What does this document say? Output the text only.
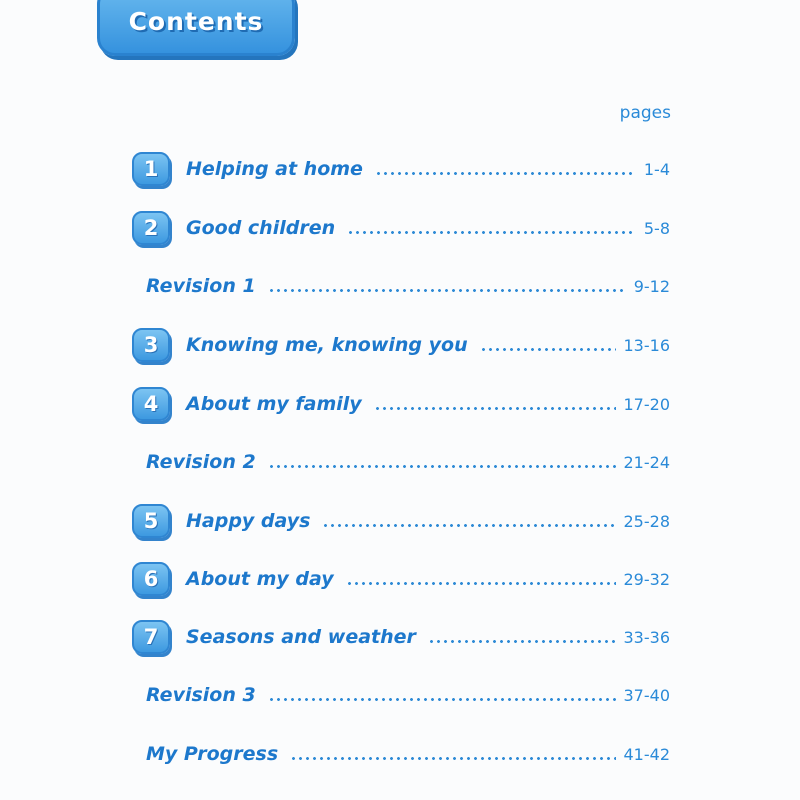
Contents
pages
1	Helping at home	1-4
2	Good children	5-8
Revision 1	9-12
3	Knowing me, knowing you	13-16
4	About my family	17-20
Revision 2	21-24
5	Happy days	25-28
6	About my day	29-32
7	Seasons and weather	33-36
Revision 3	37-40
My Progress	41-42
